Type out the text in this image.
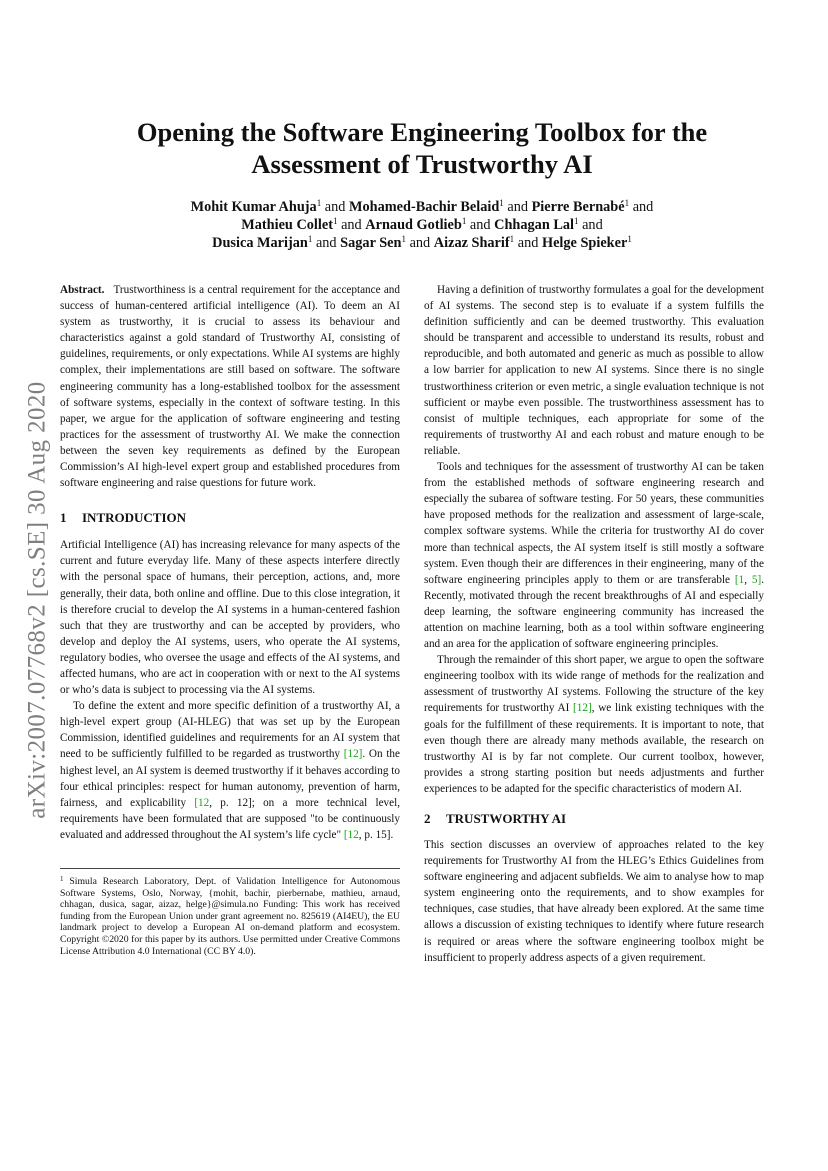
arXiv:2007.07768v2 [cs.SE] 30 Aug 2020
Opening the Software Engineering Toolbox for the
Assessment of Trustworthy AI
Mohit Kumar Ahuja$^1$ and Mohamed-Bachir Belaid$^1$ and Pierre Bernabé$^1$ and
Mathieu Collet$^1$ and Arnaud Gotlieb$^1$ and Chhagan Lal$^1$ and
Dusica Marijan$^1$ and Sagar Sen$^1$ and Aizaz Sharif$^1$ and Helge Spieker$^1$

Abstract. Trustworthiness is a central requirement for the acceptance and success of human-centered artificial intelligence (AI). To deem an AI system as trustworthy, it is crucial to assess its behaviour and characteristics against a gold standard of Trustworthy AI, consisting of guidelines, requirements, or only expectations. While AI systems are highly complex, their implementations are still based on software. The software engineering community has a long-established toolbox for the assessment of software systems, especially in the context of software testing. In this paper, we argue for the application of software engineering and testing practices for the assessment of trustworthy AI. We make the connection between the seven key requirements as defined by the European Commission’s AI high-level expert group and established procedures from software engineering and raise questions for future work.

1 INTRODUCTION

Artificial Intelligence (AI) has increasing relevance for many aspects of the current and future everyday life. Many of these aspects interfere directly with the personal space of humans, their perception, actions, and, more generally, their data, both online and offline. Due to this close integration, it is therefore crucial to develop the AI systems in a human-centered fashion such that they are trustworthy and can be accepted by providers, who develop and deploy the AI systems, users, who operate the AI systems, regulatory bodies, who oversee the usage and effects of the AI systems, and affected humans, who are act in cooperation with or next to the AI systems or who’s data is subject to processing via the AI systems.

To define the extent and more specific definition of a trustworthy AI, a high-level expert group (AI-HLEG) that was set up by the European Commission, identified guidelines and requirements for an AI system that need to be sufficiently fulfilled to be regarded as trustworthy [12]. On the highest level, an AI system is deemed trustworthy if it behaves according to four ethical principles: respect for human autonomy, prevention of harm, fairness, and explicability [12, p. 12]; on a more technical level, requirements have been formulated that are supposed "to be continuously evaluated and addressed throughout the AI system’s life cycle" [12, p. 15].

$^1$ Simula Research Laboratory, Dept. of Validation Intelligence for Autonomous Software Systems, Oslo, Norway, {mohit, bachir, pierbernabe, mathieu, arnaud, chhagan, dusica, sagar, aizaz, helge}@simula.no Funding: This work has received funding from the European Union under grant agreement no. 825619 (AI4EU), the EU landmark project to develop a European AI on-demand platform and ecosystem. Copyright ©2020 for this paper by its authors. Use permitted under Creative Commons License Attribution 4.0 International (CC BY 4.0).

Having a definition of trustworthy formulates a goal for the development of AI systems. The second step is to evaluate if a system fulfills the definition sufficiently and can be deemed trustworthy. This evaluation should be transparent and accessible to understand its results, robust and reproducible, and both automated and generic as much as possible to allow a low barrier for application to new AI systems. Since there is no single trustworthiness criterion or even metric, a single evaluation technique is not sufficient or maybe even possible. The trustworthiness assessment has to consist of multiple techniques, each appropriate for some of the requirements of trustworthy AI and each robust and mature enough to be reliable.

Tools and techniques for the assessment of trustworthy AI can be taken from the established methods of software engineering research and especially the subarea of software testing. For 50 years, these communities have proposed methods for the realization and assessment of large-scale, complex software systems. While the criteria for trustworthy AI do cover more than technical aspects, the AI system itself is still mostly a software system. Even though their are differences in their engineering, many of the software engineering principles apply to them or are transferable [1, 5]. Recently, motivated through the recent breakthroughs of AI and especially deep learning, the software engineering community has increased the attention on machine learning, both as a tool within software engineering and an area for the application of software engineering principles.

Through the remainder of this short paper, we argue to open the software engineering toolbox with its wide range of methods for the realization and assessment of trustworthy AI systems. Following the structure of the key requirements for trustworthy AI [12], we link existing techniques with the goals for the fulfillment of these requirements. It is important to note, that even though there are already many methods available, the research on trustworthy AI is by far not complete. Our current toolbox, however, provides a strong starting position but needs adjustments and further experiences to be adapted for the specific characteristics of modern AI.

2 TRUSTWORTHY AI

This section discusses an overview of approaches related to the key requirements for Trustworthy AI from the HLEG’s Ethics Guidelines from software engineering and adjacent subfields. We aim to analyse how to map system engineering onto the requirements, and to show examples for techniques, case studies, that have already been explored. At the same time allows a discussion of existing techniques to identify where future research is required or areas where the software engineering toolbox might be insufficient to properly address aspects of a given requirement.
